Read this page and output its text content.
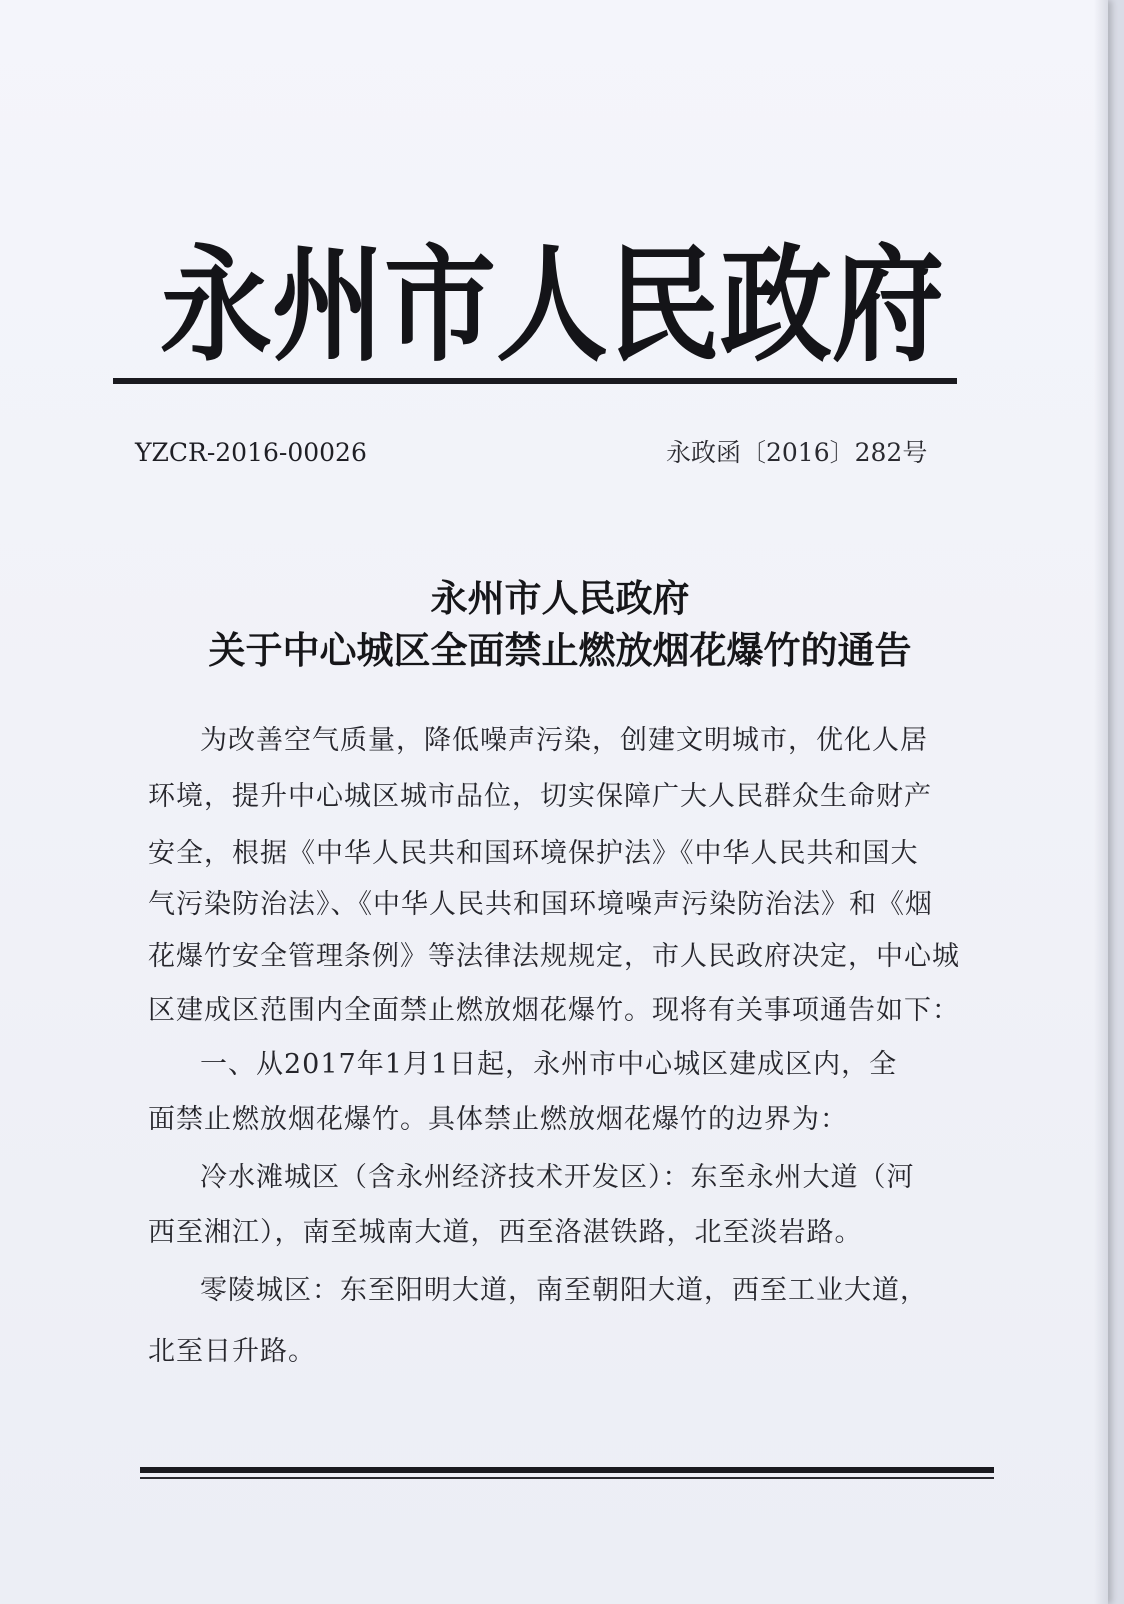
永 州 市 人 民 政 府
YZCR-2016-00026	永政函〔2016〕282号
永州市人民政府
关于中心城区全面禁止燃放烟花爆竹的通告
为改善空气质量，降低噪声污染，创建文明城市，优化人居
环境，提升中心城区城市品位，切实保障广大人民群众生命财产
安全，根据《中华人民共和国环境保护法》《中华人民共和国大
气污染防治法》、《中华人民共和国环境噪声污染防治法》和《烟
花爆竹安全管理条例》等法律法规规定，市人民政府决定，中心城
区建成区范围内全面禁止燃放烟花爆竹。现将有关事项通告如下：
一、从2017年1月1日起，永州市中心城区建成区内，全
面禁止燃放烟花爆竹。具体禁止燃放烟花爆竹的边界为：
冷水滩城区（含永州经济技术开发区）：东至永州大道（河
西至湘江），南至城南大道，西至洛湛铁路，北至淡岩路。
零陵城区：东至阳明大道，南至朝阳大道，西至工业大道，
北至日升路。
